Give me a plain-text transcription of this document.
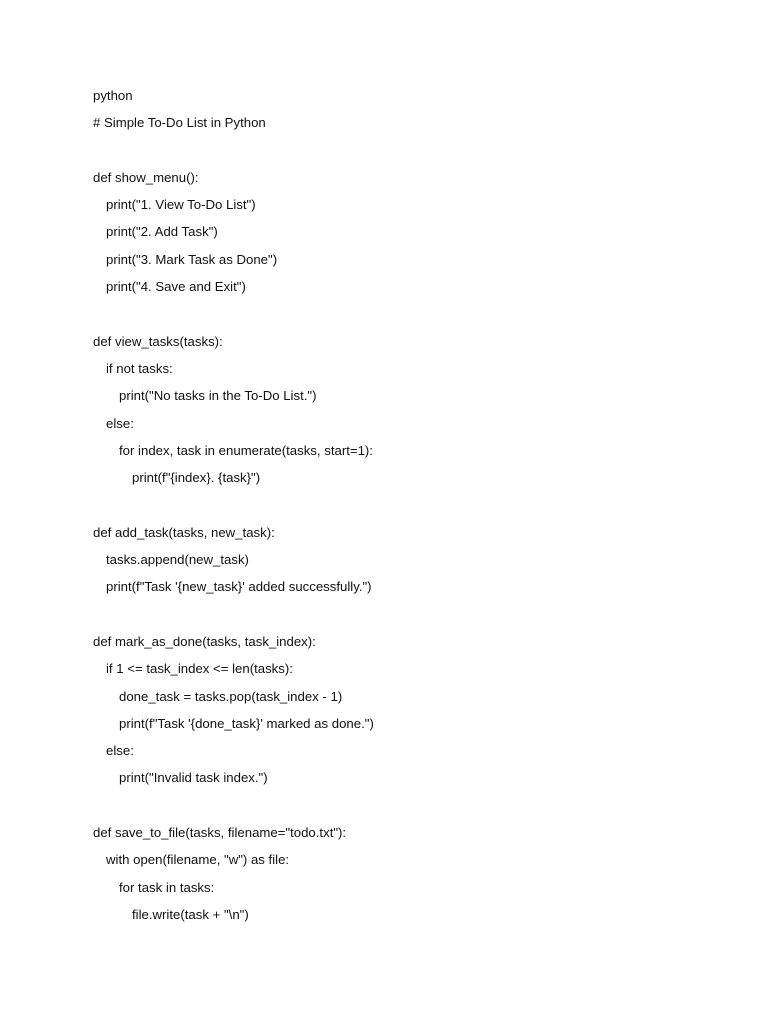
python
# Simple To-Do List in Python
def show_menu():
print("1. View To-Do List")
print("2. Add Task")
print("3. Mark Task as Done")
print("4. Save and Exit")
def view_tasks(tasks):
if not tasks:
print("No tasks in the To-Do List.")
else:
for index, task in enumerate(tasks, start=1):
print(f"{index}. {task}")
def add_task(tasks, new_task):
tasks.append(new_task)
print(f"Task '{new_task}' added successfully.")
def mark_as_done(tasks, task_index):
if 1 <= task_index <= len(tasks):
done_task = tasks.pop(task_index - 1)
print(f"Task '{done_task}' marked as done.")
else:
print("Invalid task index.")
def save_to_file(tasks, filename="todo.txt"):
with open(filename, "w") as file:
for task in tasks:
file.write(task + "\n")
